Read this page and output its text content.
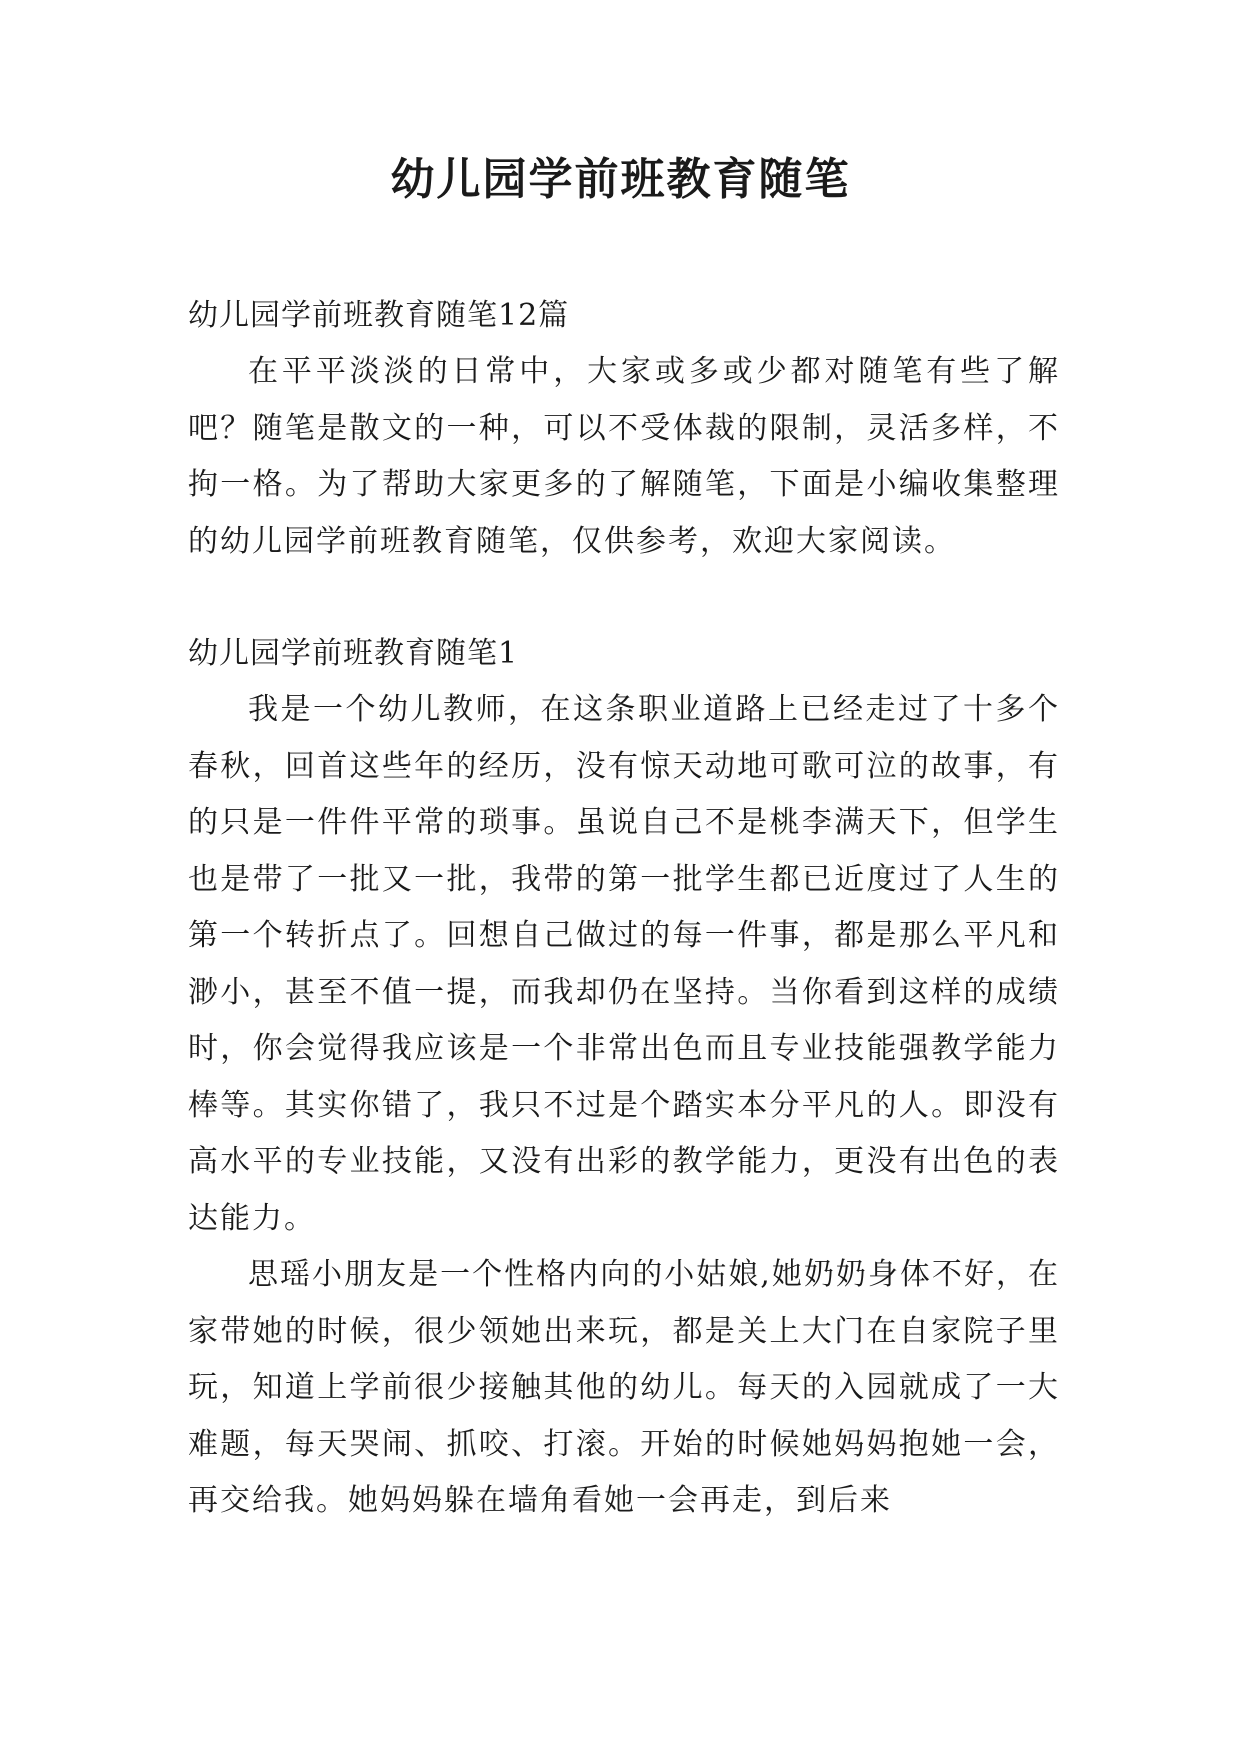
幼儿园学前班教育随笔

幼儿园学前班教育随笔12篇

在平平淡淡的日常中，大家或多或少都对随笔有些了解吧？随笔是散文的一种，可以不受体裁的限制，灵活多样，不拘一格。为了帮助大家更多的了解随笔，下面是小编收集整理的幼儿园学前班教育随笔，仅供参考，欢迎大家阅读。

幼儿园学前班教育随笔1

我是一个幼儿教师，在这条职业道路上已经走过了十多个春秋，回首这些年的经历，没有惊天动地可歌可泣的故事，有的只是一件件平常的琐事。虽说自己不是桃李满天下，但学生也是带了一批又一批，我带的第一批学生都已近度过了人生的第一个转折点了。回想自己做过的每一件事，都是那么平凡和渺小，甚至不值一提，而我却仍在坚持。当你看到这样的成绩时，你会觉得我应该是一个非常出色而且专业技能强教学能力棒等。其实你错了，我只不过是个踏实本分平凡的人。即没有高水平的专业技能，又没有出彩的教学能力，更没有出色的表达能力。

思瑶小朋友是一个性格内向的小姑娘,她奶奶身体不好，在家带她的时候，很少领她出来玩，都是关上大门在自家院子里玩，知道上学前很少接触其他的幼儿。每天的入园就成了一大难题，每天哭闹、抓咬、打滚。开始的时候她妈妈抱她一会，再交给我。她妈妈躲在墙角看她一会再走，到后来
